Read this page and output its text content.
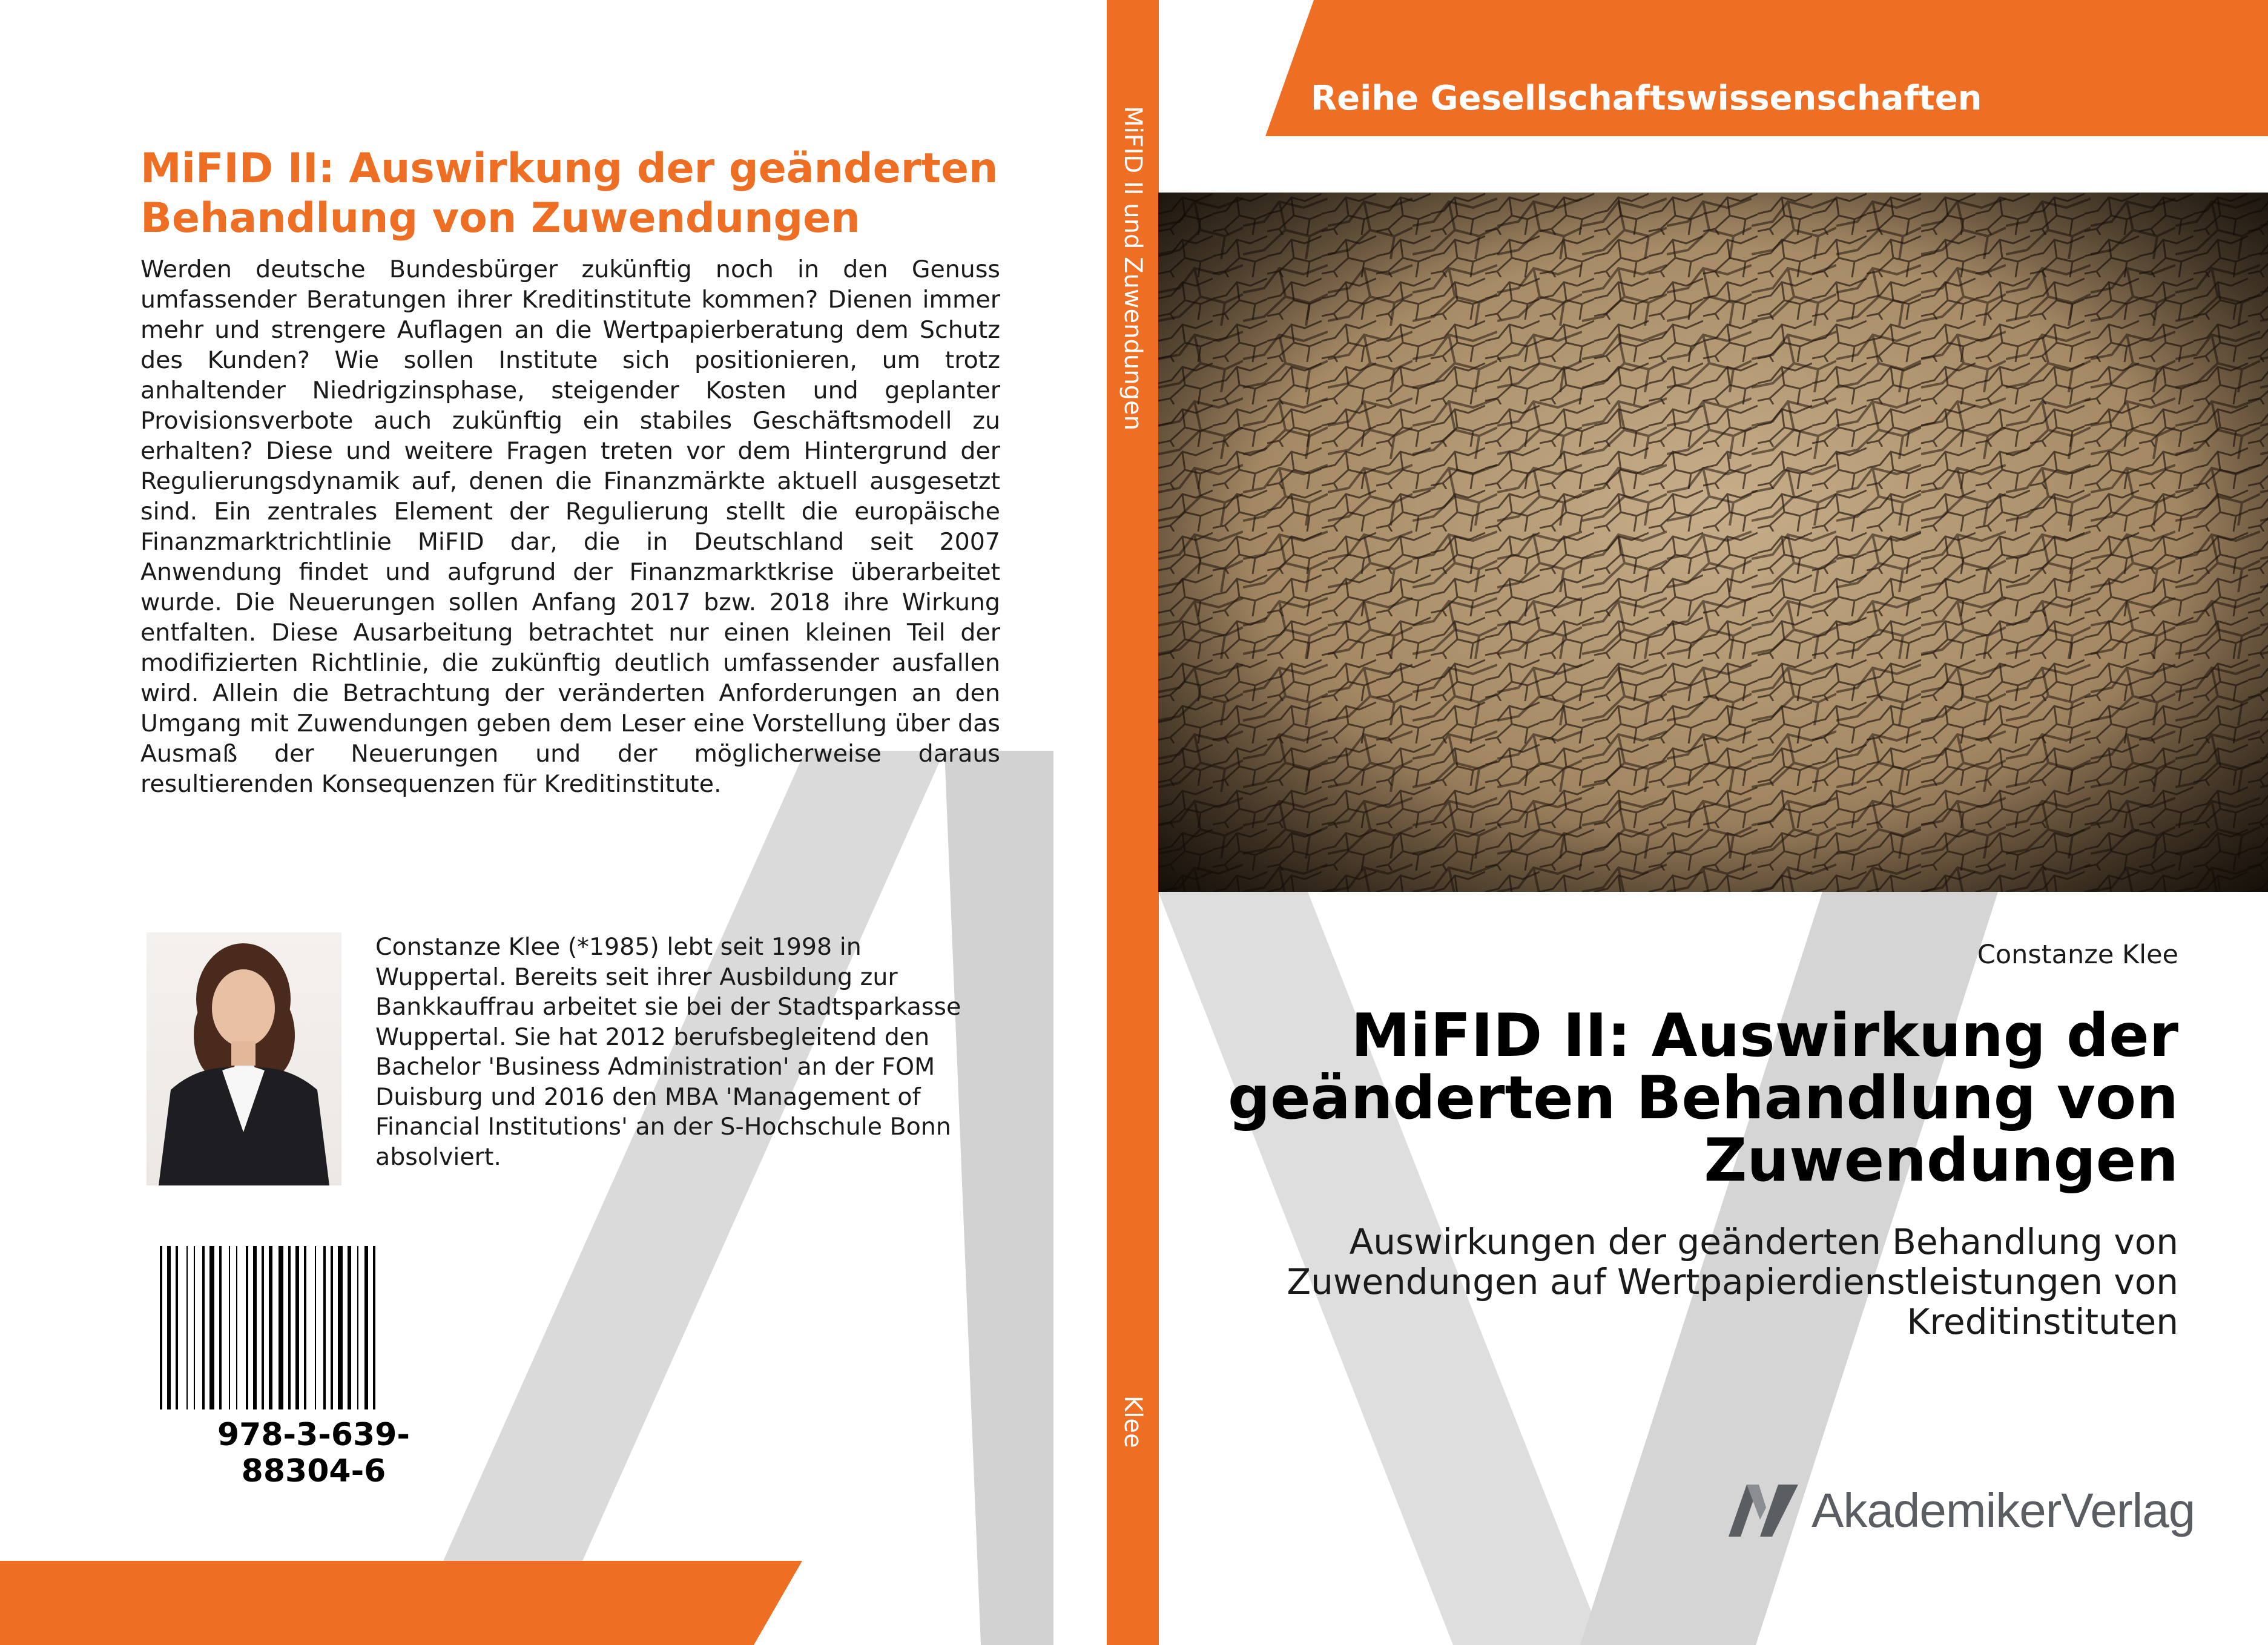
MiFID II: Auswirkung der geänderten Behandlung von Zuwendungen
Werden deutsche Bundesbürger zukünftig noch in den Genuss umfassender Beratungen ihrer Kreditinstitute kommen? Dienen immer mehr und strengere Auflagen an die Wertpapierberatung dem Schutz des Kunden? Wie sollen Institute sich positionieren, um trotz anhaltender Niedrigzinsphase, steigender Kosten und geplanter Provisionsverbote auch zukünftig ein stabiles Geschäftsmodell zu erhalten? Diese und weitere Fragen treten vor dem Hintergrund der Regulierungsdynamik auf, denen die Finanzmärkte aktuell ausgesetzt sind. Ein zentrales Element der Regulierung stellt die europäische Finanzmarktrichtlinie MiFID dar, die in Deutschland seit 2007 Anwendung findet und aufgrund der Finanzmarktkrise überarbeitet wurde. Die Neuerungen sollen Anfang 2017 bzw. 2018 ihre Wirkung entfalten. Diese Ausarbeitung betrachtet nur einen kleinen Teil der modifizierten Richtlinie, die zukünftig deutlich umfassender ausfallen wird. Allein die Betrachtung der veränderten Anforderungen an den Umgang mit Zuwendungen geben dem Leser eine Vorstellung über das Ausmaß der Neuerungen und der möglicherweise daraus resultierenden Konsequenzen für Kreditinstitute.
Constanze Klee (*1985) lebt seit 1998 in Wuppertal. Bereits seit ihrer Ausbildung zur Bankkauffrau arbeitet sie bei der Stadtsparkasse Wuppertal. Sie hat 2012 berufsbegleitend den Bachelor 'Business Administration' an der FOM Duisburg und 2016 den MBA 'Management of Financial Institutions' an der S-Hochschule Bonn absolviert.
978-3-639-88304-6
MiFID II und Zuwendungen
Klee
Reihe Gesellschaftswissenschaften
Constanze Klee
MiFID II: Auswirkung der geänderten Behandlung von Zuwendungen
Auswirkungen der geänderten Behandlung von Zuwendungen auf Wertpapierdienstleistungen von Kreditinstituten
AkademikerVerlag
